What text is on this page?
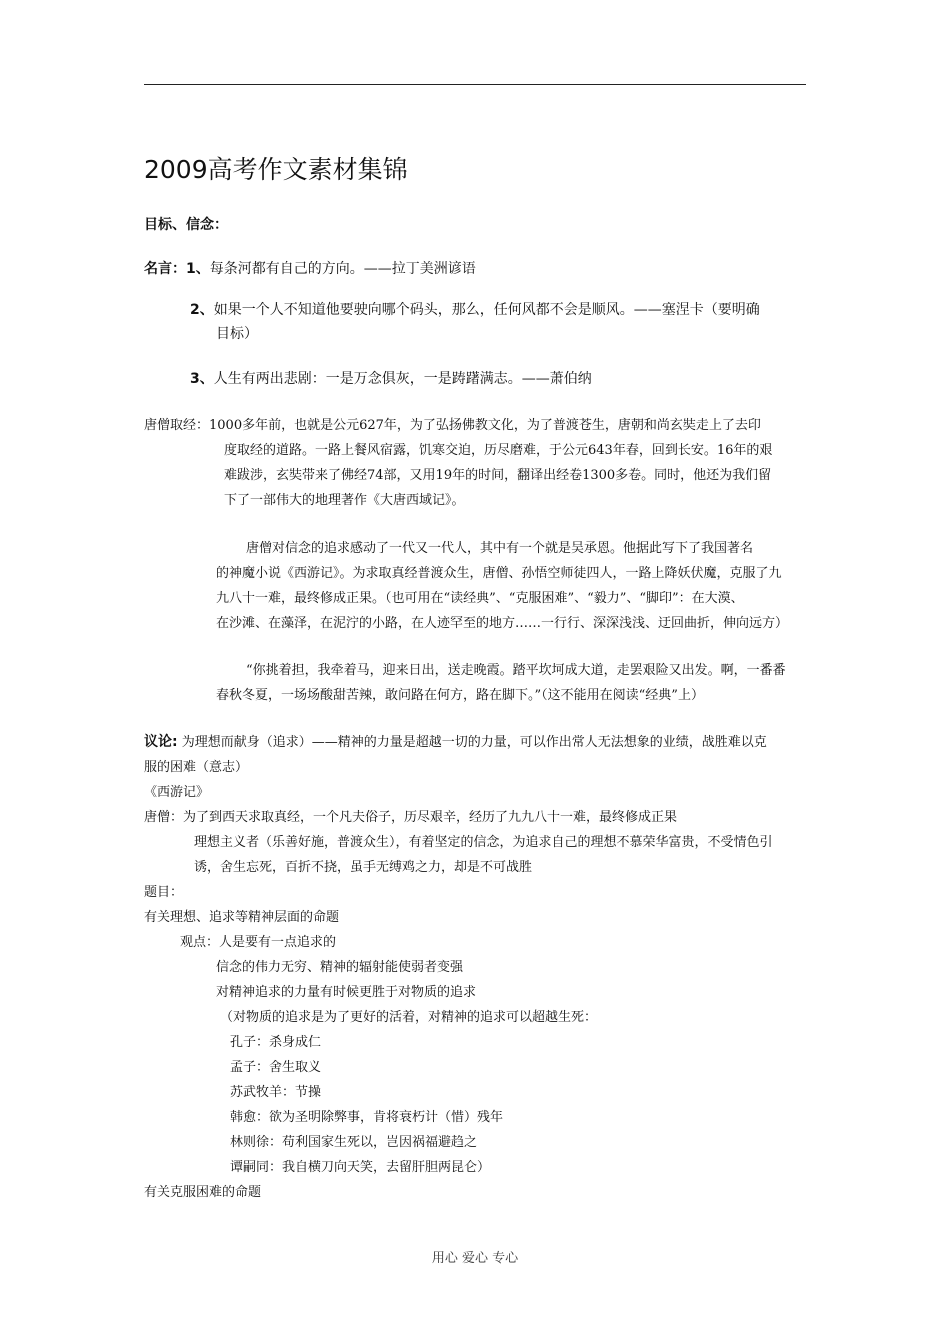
2009高考作文素材集锦
目标、信念：
名言：1、每条河都有自己的方向。——拉丁美洲谚语
2、如果一个人不知道他要驶向哪个码头，那么，任何风都不会是顺风。——塞涅卡（要明确
目标）
3、人生有两出悲剧：一是万念俱灰，一是踌躇满志。——萧伯纳
唐僧取经：1000多年前，也就是公元627年，为了弘扬佛教文化，为了普渡苍生，唐朝和尚玄奘走上了去印
度取经的道路。一路上餐风宿露，饥寒交迫，历尽磨难，于公元643年春，回到长安。16年的艰
难跋涉，玄奘带来了佛经74部，又用19年的时间，翻译出经卷1300多卷。同时，他还为我们留
下了一部伟大的地理著作《大唐西域记》。
唐僧对信念的追求感动了一代又一代人，其中有一个就是吴承恩。他据此写下了我国著名
的神魔小说《西游记》。为求取真经普渡众生，唐僧、孙悟空师徒四人，一路上降妖伏魔，克服了九
九八十一难，最终修成正果。（也可用在“读经典”、“克服困难”、“毅力”、“脚印”：在大漠、
在沙滩、在藻泽，在泥泞的小路，在人迹罕至的地方……一行行、深深浅浅、迂回曲折，伸向远方）
“你挑着担，我牵着马，迎来日出，送走晚霞。踏平坎坷成大道，走罢艰险又出发。啊，一番番
春秋冬夏，一场场酸甜苦辣，敢问路在何方，路在脚下。”（这不能用在阅读“经典”上）
议论: 为理想而献身（追求）——精神的力量是超越一切的力量，可以作出常人无法想象的业绩，战胜难以克
服的困难（意志）
《西游记》
唐僧：为了到西天求取真经，一个凡夫俗子，历尽艰辛，经历了九九八十一难，最终修成正果
理想主义者（乐善好施，普渡众生），有着坚定的信念，为追求自己的理想不慕荣华富贵，不受情色引
诱，舍生忘死，百折不挠，虽手无缚鸡之力，却是不可战胜
题目：
有关理想、追求等精神层面的命题
观点：人是要有一点追求的
信念的伟力无穷、精神的辐射能使弱者变强
对精神追求的力量有时候更胜于对物质的追求
（对物质的追求是为了更好的活着，对精神的追求可以超越生死：
孔子：杀身成仁
孟子：舍生取义
苏武牧羊：节操
韩愈：欲为圣明除弊事，肯将衰朽计（惜）残年
林则徐：苟利国家生死以，岂因祸福避趋之
谭嗣同：我自横刀向天笑，去留肝胆两昆仑）
有关克服困难的命题
用心 爱心 专心
